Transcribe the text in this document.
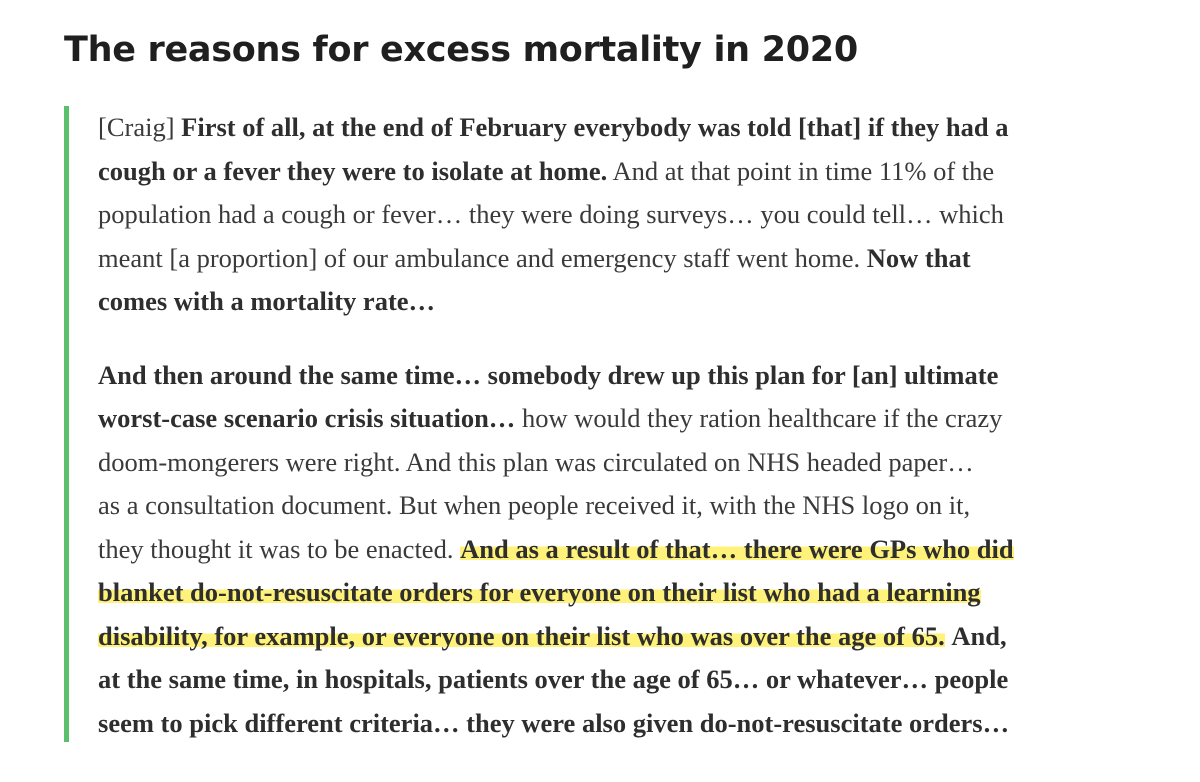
The reasons for excess mortality in 2020

[Craig] First of all, at the end of February everybody was told [that] if they had a
cough or a fever they were to isolate at home. And at that point in time 11% of the
population had a cough or fever… they were doing surveys… you could tell… which
meant [a proportion] of our ambulance and emergency staff went home. Now that
comes with a mortality rate…

And then around the same time… somebody drew up this plan for [an] ultimate
worst-case scenario crisis situation… how would they ration healthcare if the crazy
doom-mongerers were right. And this plan was circulated on NHS headed paper…
as a consultation document. But when people received it, with the NHS logo on it,
they thought it was to be enacted. And as a result of that… there were GPs who did
blanket do-not-resuscitate orders for everyone on their list who had a learning
disability, for example, or everyone on their list who was over the age of 65. And,
at the same time, in hospitals, patients over the age of 65… or whatever… people
seem to pick different criteria… they were also given do-not-resuscitate orders…
